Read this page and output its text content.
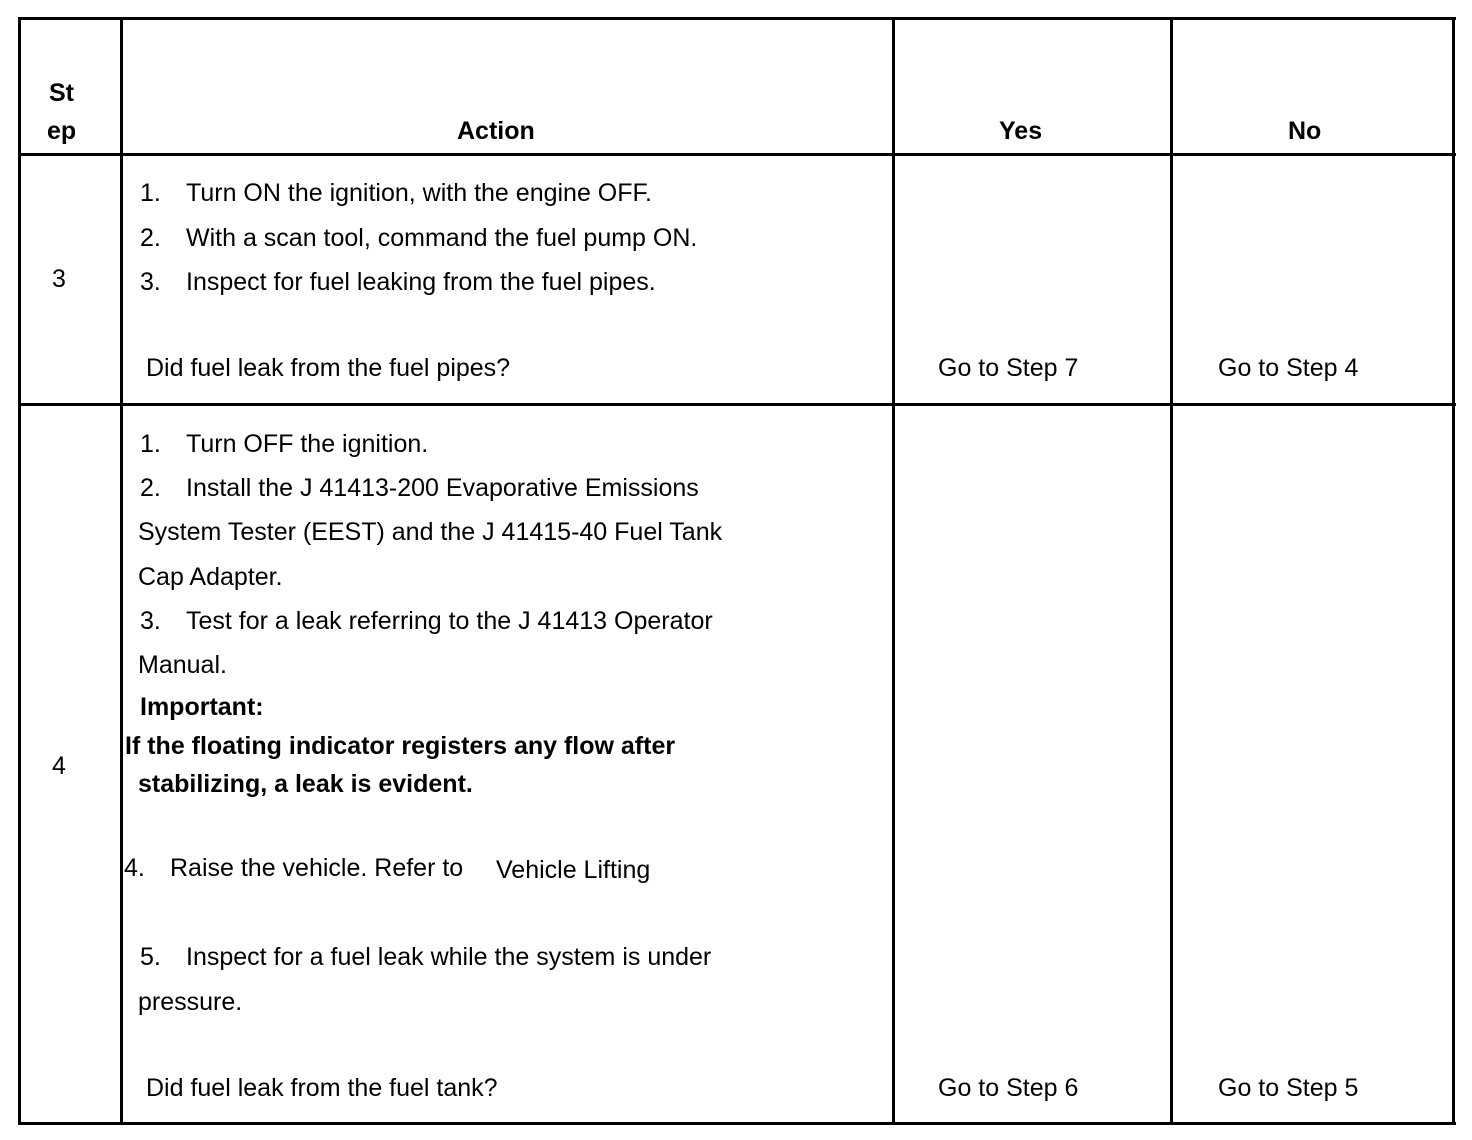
St
ep	Action	Yes	No
3
1. Turn ON the ignition, with the engine OFF.
2. With a scan tool, command the fuel pump ON.
3. Inspect for fuel leaking from the fuel pipes.
Did fuel leak from the fuel pipes?	Go to Step 7	Go to Step 4
4
1. Turn OFF the ignition.
2. Install the J 41413-200 Evaporative Emissions
System Tester (EEST) and the J 41415-40 Fuel Tank
Cap Adapter.
3. Test for a leak referring to the J 41413 Operator
Manual.
Important:
If the floating indicator registers any flow after
stabilizing, a leak is evident.
4. Raise the vehicle. Refer to Vehicle Lifting
5. Inspect for a fuel leak while the system is under
pressure.
Did fuel leak from the fuel tank?	Go to Step 6	Go to Step 5
